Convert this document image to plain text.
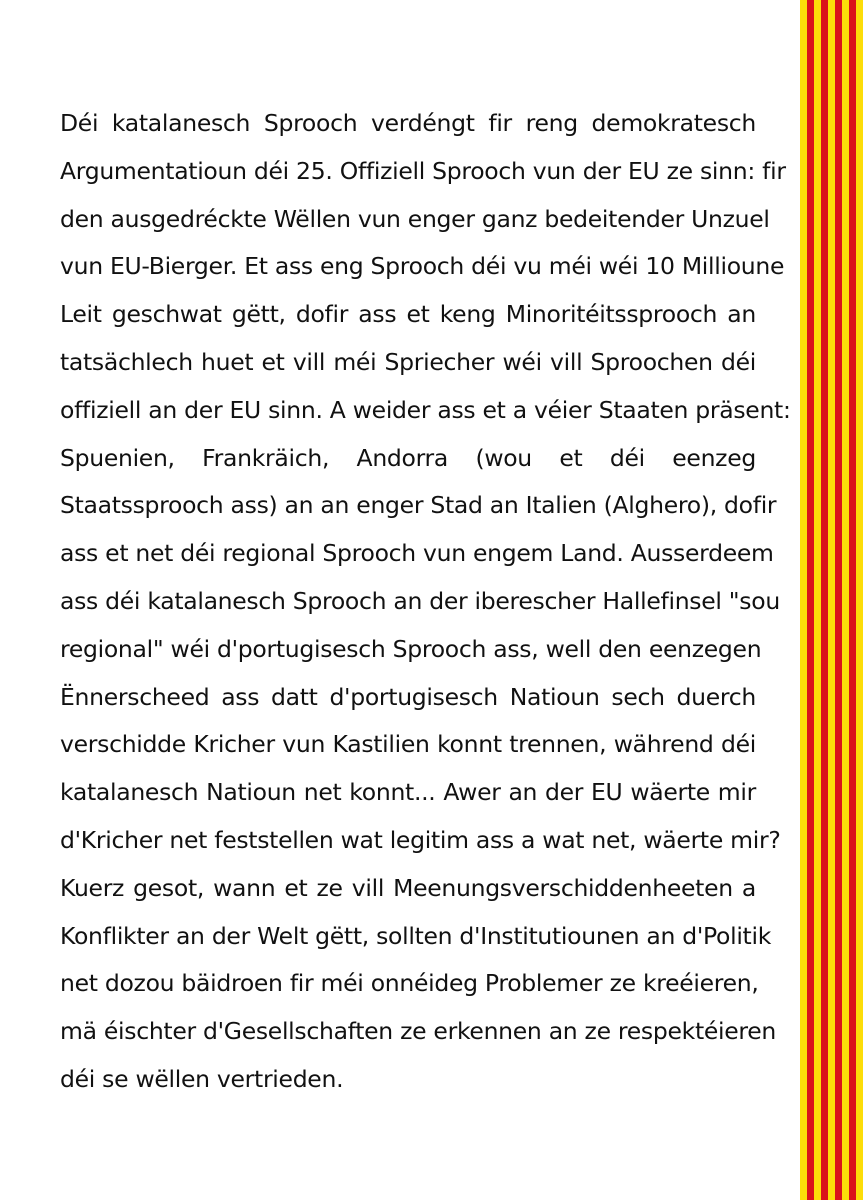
Déi katalanesch Sprooch verdéngt fir reng demokratesch
Argumentatioun déi 25. Offiziell Sprooch vun der EU ze sinn: fir
den ausgedréckte Wëllen vun enger ganz bedeitender Unzuel
vun EU-Bierger. Et ass eng Sprooch déi vu méi wéi 10 Millioune
Leit geschwat gëtt, dofir ass et keng Minoritéitssprooch an
tatsächlech huet et vill méi Spriecher wéi vill Sproochen déi
offiziell an der EU sinn. A weider ass et a véier Staaten präsent:
Spuenien, Frankräich, Andorra (wou et déi eenzeg
Staatssprooch ass) an an enger Stad an Italien (Alghero), dofir
ass et net déi regional Sprooch vun engem Land. Ausserdeem
ass déi katalanesch Sprooch an der iberescher Hallefinsel "sou
regional" wéi d'portugisesch Sprooch ass, well den eenzegen
Ënnerscheed ass datt d'portugisesch Natioun sech duerch
verschidde Kricher vun Kastilien konnt trennen, während déi
katalanesch Natioun net konnt... Awer an der EU wäerte mir
d'Kricher net feststellen wat legitim ass a wat net, wäerte mir?
Kuerz gesot, wann et ze vill Meenungsverschiddenheeten a
Konflikter an der Welt gëtt, sollten d'Institutiounen an d'Politik
net dozou bäidroen fir méi onnéideg Problemer ze kreéieren,
mä éischter d'Gesellschaften ze erkennen an ze respektéieren
déi se wëllen vertrieden.
